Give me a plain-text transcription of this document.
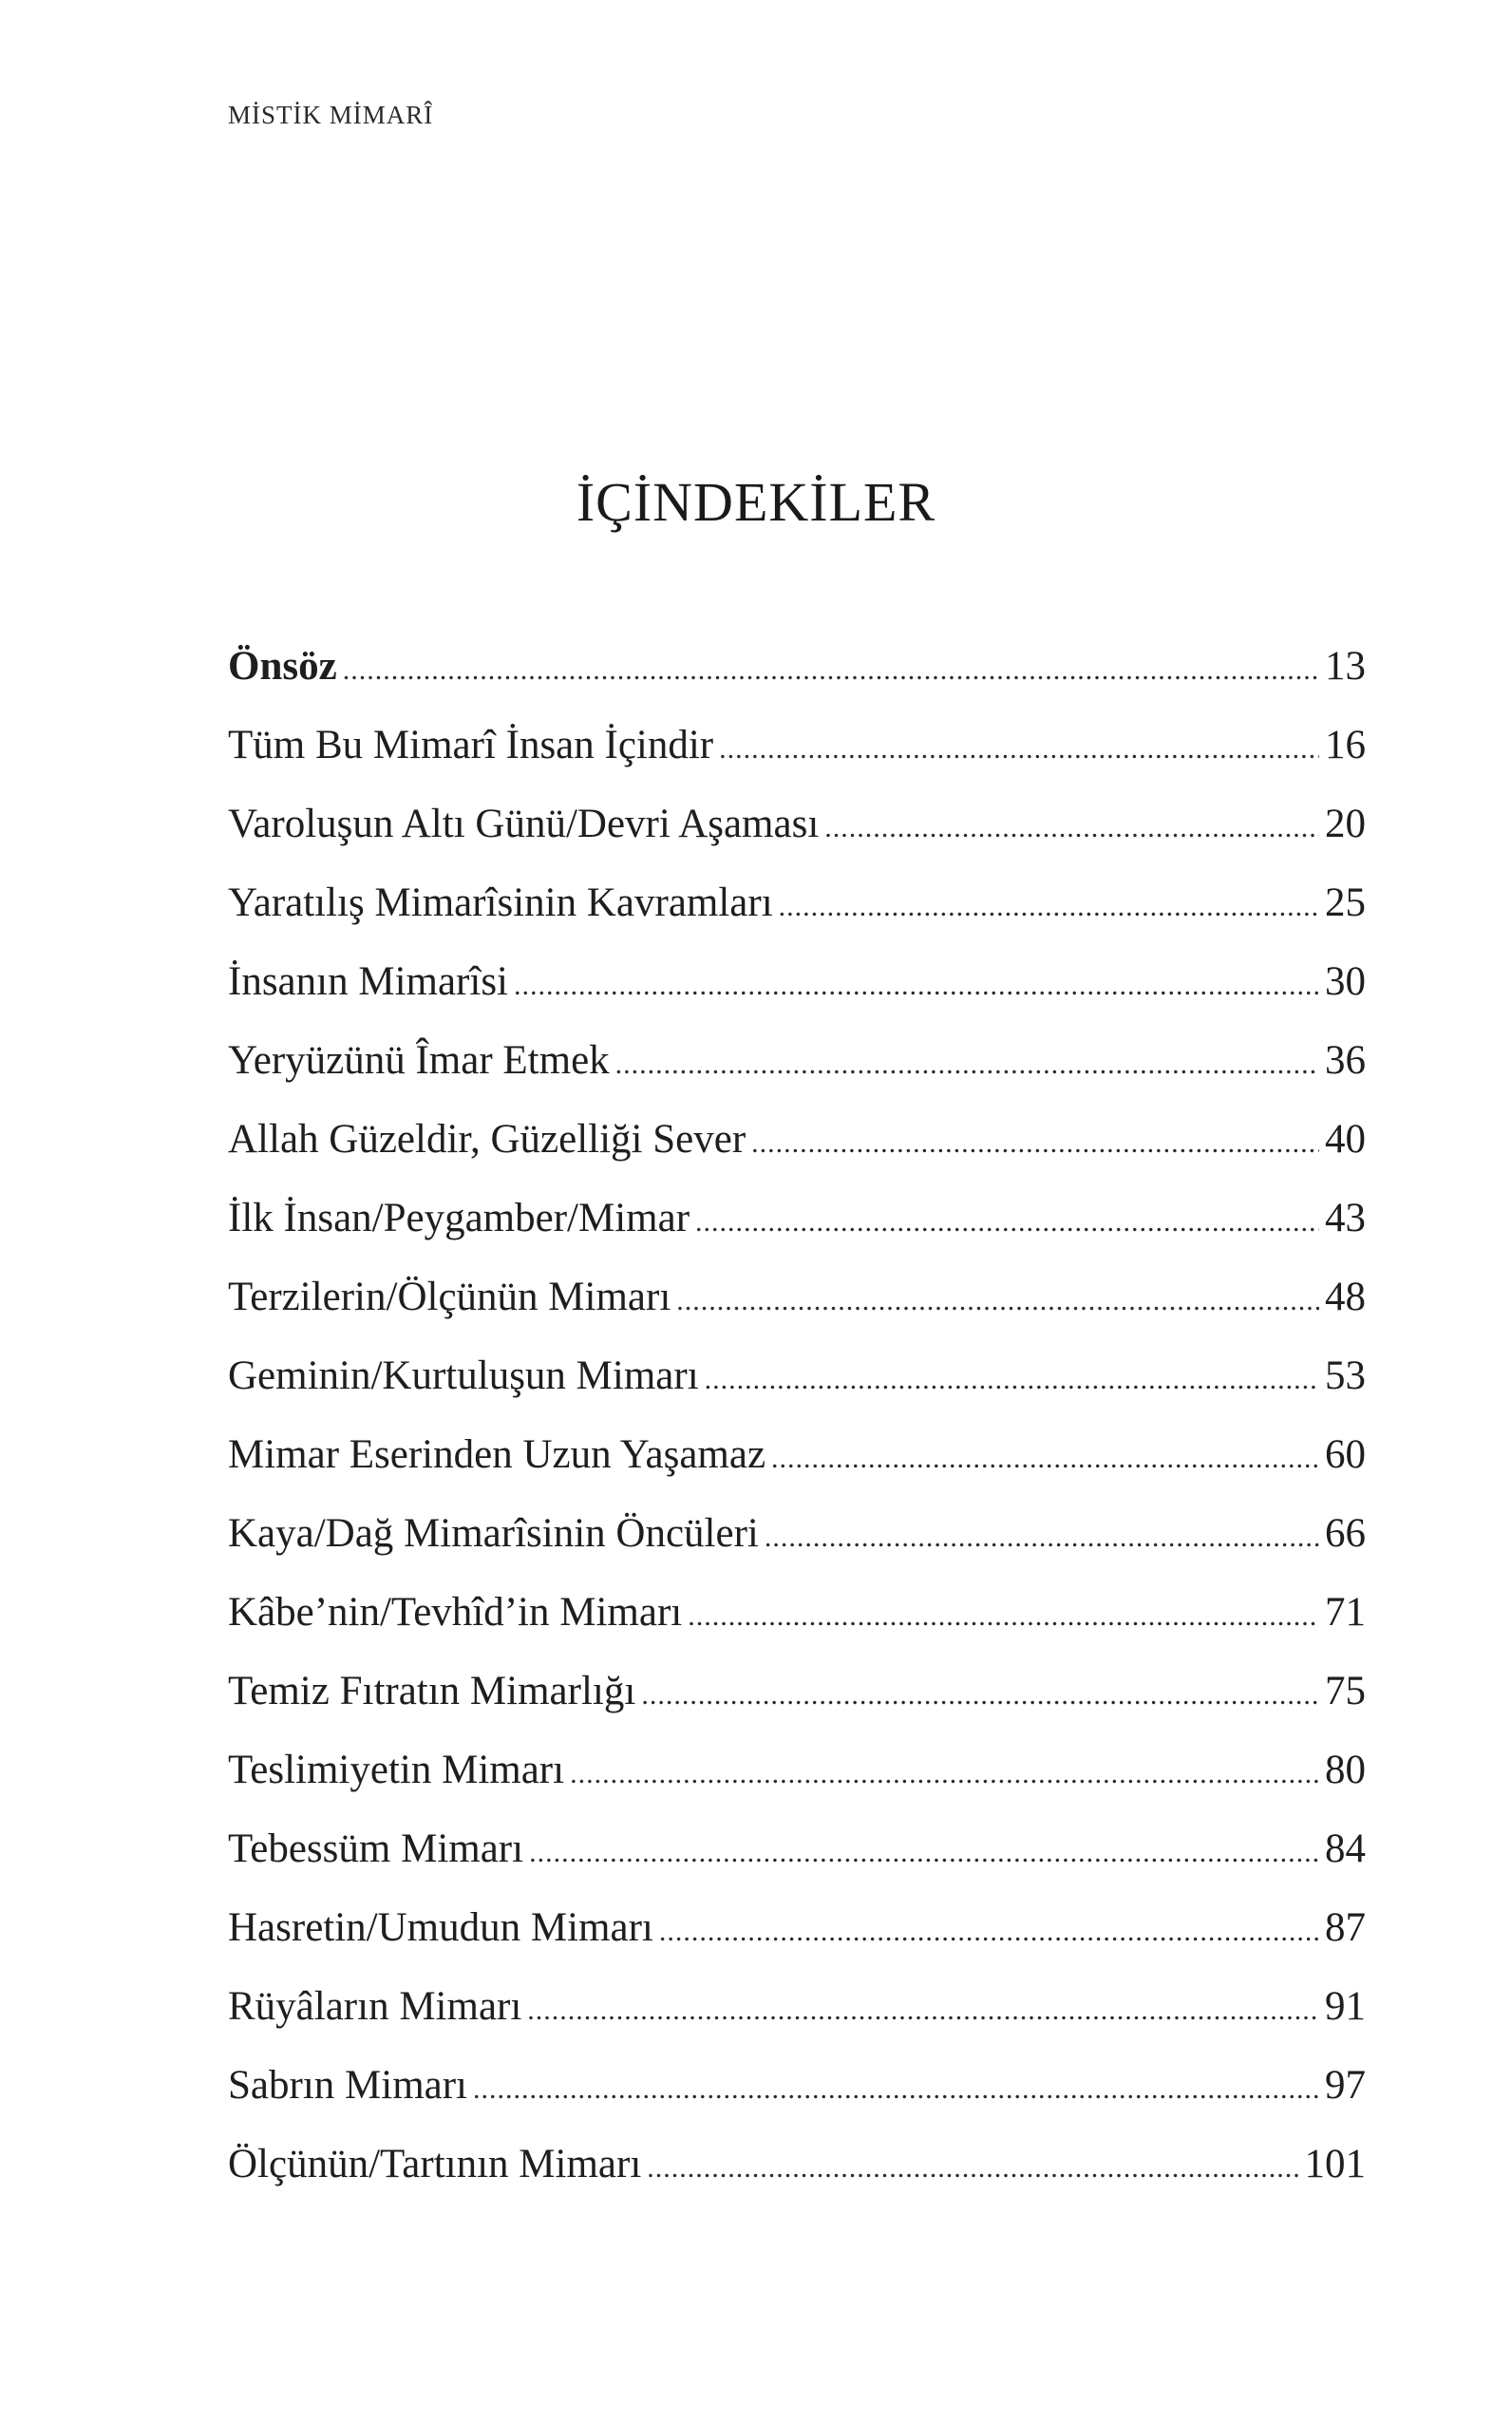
MİSTİK MİMARÎ
İÇİNDEKİLER
Önsöz .....	13
Tüm Bu Mimarî İnsan İçindir .....	16
Varoluşun Altı Günü/Devri Aşaması .....	20
Yaratılış Mimarîsinin Kavramları .....	25
İnsanın Mimarîsi .....	30
Yeryüzünü Îmar Etmek .....	36
Allah Güzeldir, Güzelliği Sever .....	40
İlk İnsan/Peygamber/Mimar .....	43
Terzilerin/Ölçünün Mimarı .....	48
Geminin/Kurtuluşun Mimarı .....	53
Mimar Eserinden Uzun Yaşamaz .....	60
Kaya/Dağ Mimarîsinin Öncüleri .....	66
Kâbe’nin/Tevhîd’in Mimarı .....	71
Temiz Fıtratın Mimarlığı .....	75
Teslimiyetin Mimarı .....	80
Tebessüm Mimarı .....	84
Hasretin/Umudun Mimarı .....	87
Rüyâların Mimarı .....	91
Sabrın Mimarı .....	97
Ölçünün/Tartının Mimarı .....	101
